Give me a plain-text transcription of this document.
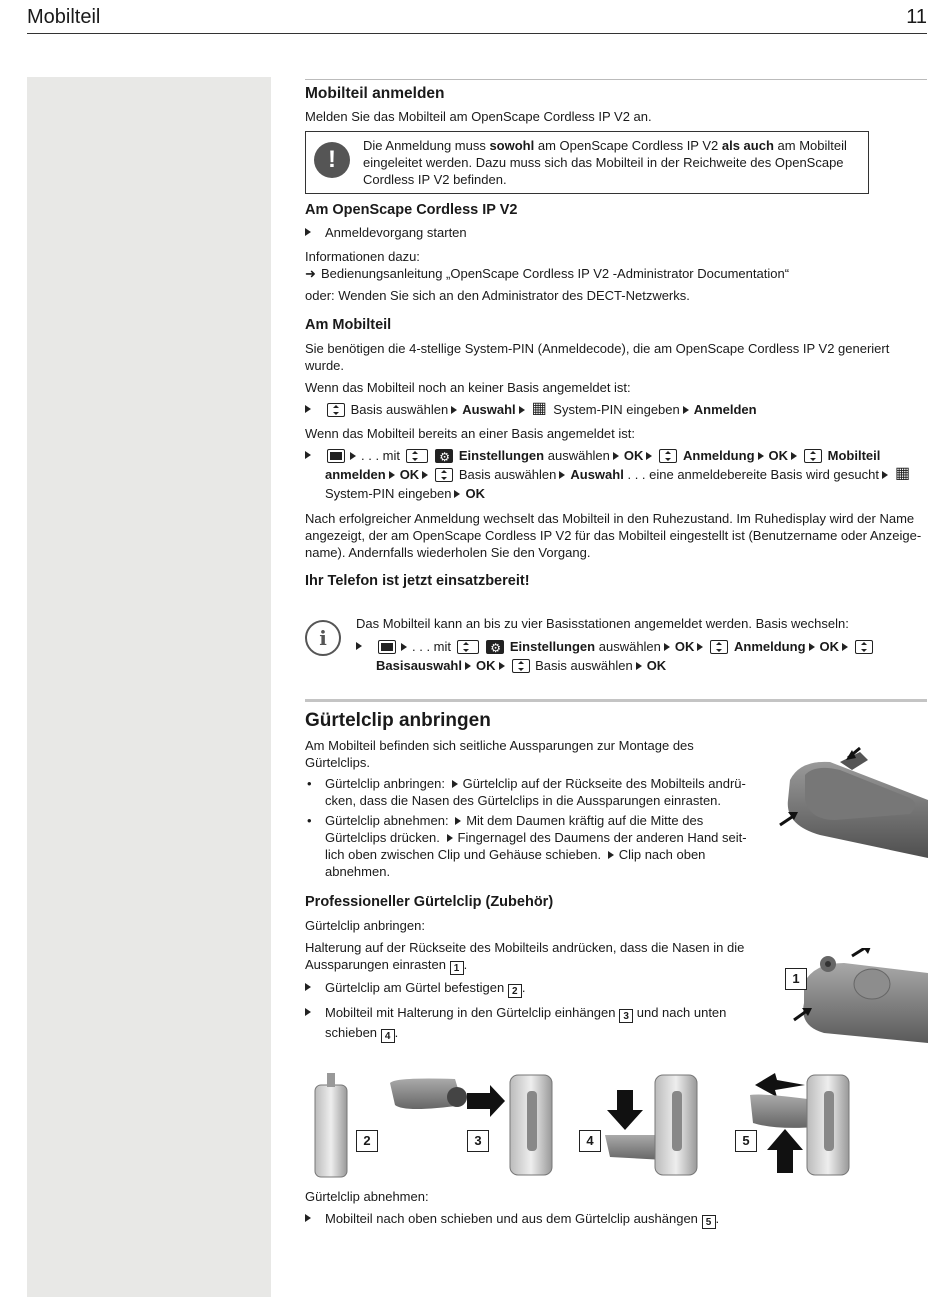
Mobilteil	11
Mobilteil anmelden

Melden Sie das Mobilteil am OpenScape Cordless IP V2 an.

!

Die Anmeldung muss sowohl am OpenScape Cordless IP V2 als auch am Mobilteil eingeleitet werden. Dazu muss sich das Mobilteil in der Reichweite des OpenScape Cordless IP V2 befinden.

Am OpenScape Cordless IP V2
Anmeldevorgang starten

Informationen dazu:

➜ Bedienungsanleitung „OpenScape Cordless IP V2 -Administrator Documentation“

oder: Wenden Sie sich an den Administrator des DECT-Netzwerks.

Am Mobilteil

Sie benötigen die 4-stellige System-PIN (Anmeldecode), die am OpenScape Cordless IP V2 generiert wurde.

Wenn das Mobilteil noch an keiner Basis angemeldet ist:

Basis auswählen Auswahl ▦	System-PIN eingeben Anmelden

Wenn das Mobilteil bereits an einer Basis angemeldet ist:

. . . mit ⚙	Einstellungen auswählen OK	Anmeldung OK	Mobilteil anmelden OK	Basis auswählen Auswahl . . . eine anmeldebereite Basis wird gesucht▦ System-PIN eingeben OK

Nach erfolgreicher Anmeldung wechselt das Mobilteil in den Ruhezustand. Im Ruhedisplay wird der Name angezeigt, der am OpenScape Cordless IP V2 für das Mobilteil eingestellt ist (Benutzername oder Anzeige-name). Andernfalls wiederholen Sie den Vorgang.

Ihr Telefon ist jetzt einsatzbereit!
i

Das Mobilteil kann an bis zu vier Basisstationen angemeldet werden. Basis wechseln:

. . . mit ⚙	Einstellungen auswählen OK	Anmeldung OK Basisauswahl OK	Basis auswählen OK
Gürtelclip anbringen

Am Mobilteil befinden sich seitliche Aussparungen zur Montage des Gürtelclips.

• Gürtelclip anbringen: Gürtelclip auf der Rückseite des Mobilteils andrü-cken, dass die Nasen des Gürtelclips in die Aussparungen einrasten.
• Gürtelclip abnehmen: Mit dem Daumen kräftig auf die Mitte des Gürtelclips drücken. Fingernagel des Daumens der anderen Hand seit-lich oben zwischen Clip und Gehäuse schieben. Clip nach oben abnehmen.
Professioneller Gürtelclip (Zubehör)

Gürtelclip anbringen:

Halterung auf der Rückseite des Mobilteils andrücken, dass die Nasen in die Aussparungen einrasten 1 .

Gürtelclip am Gürtel befestigen 2 .
Mobilteil mit Halterung in den Gürtelclip einhängen 3 und nach unten schieben 4 .
1
2	3	4	5

Gürtelclip abnehmen:

Mobilteil nach oben schieben und aus dem Gürtelclip aushängen 5 .
